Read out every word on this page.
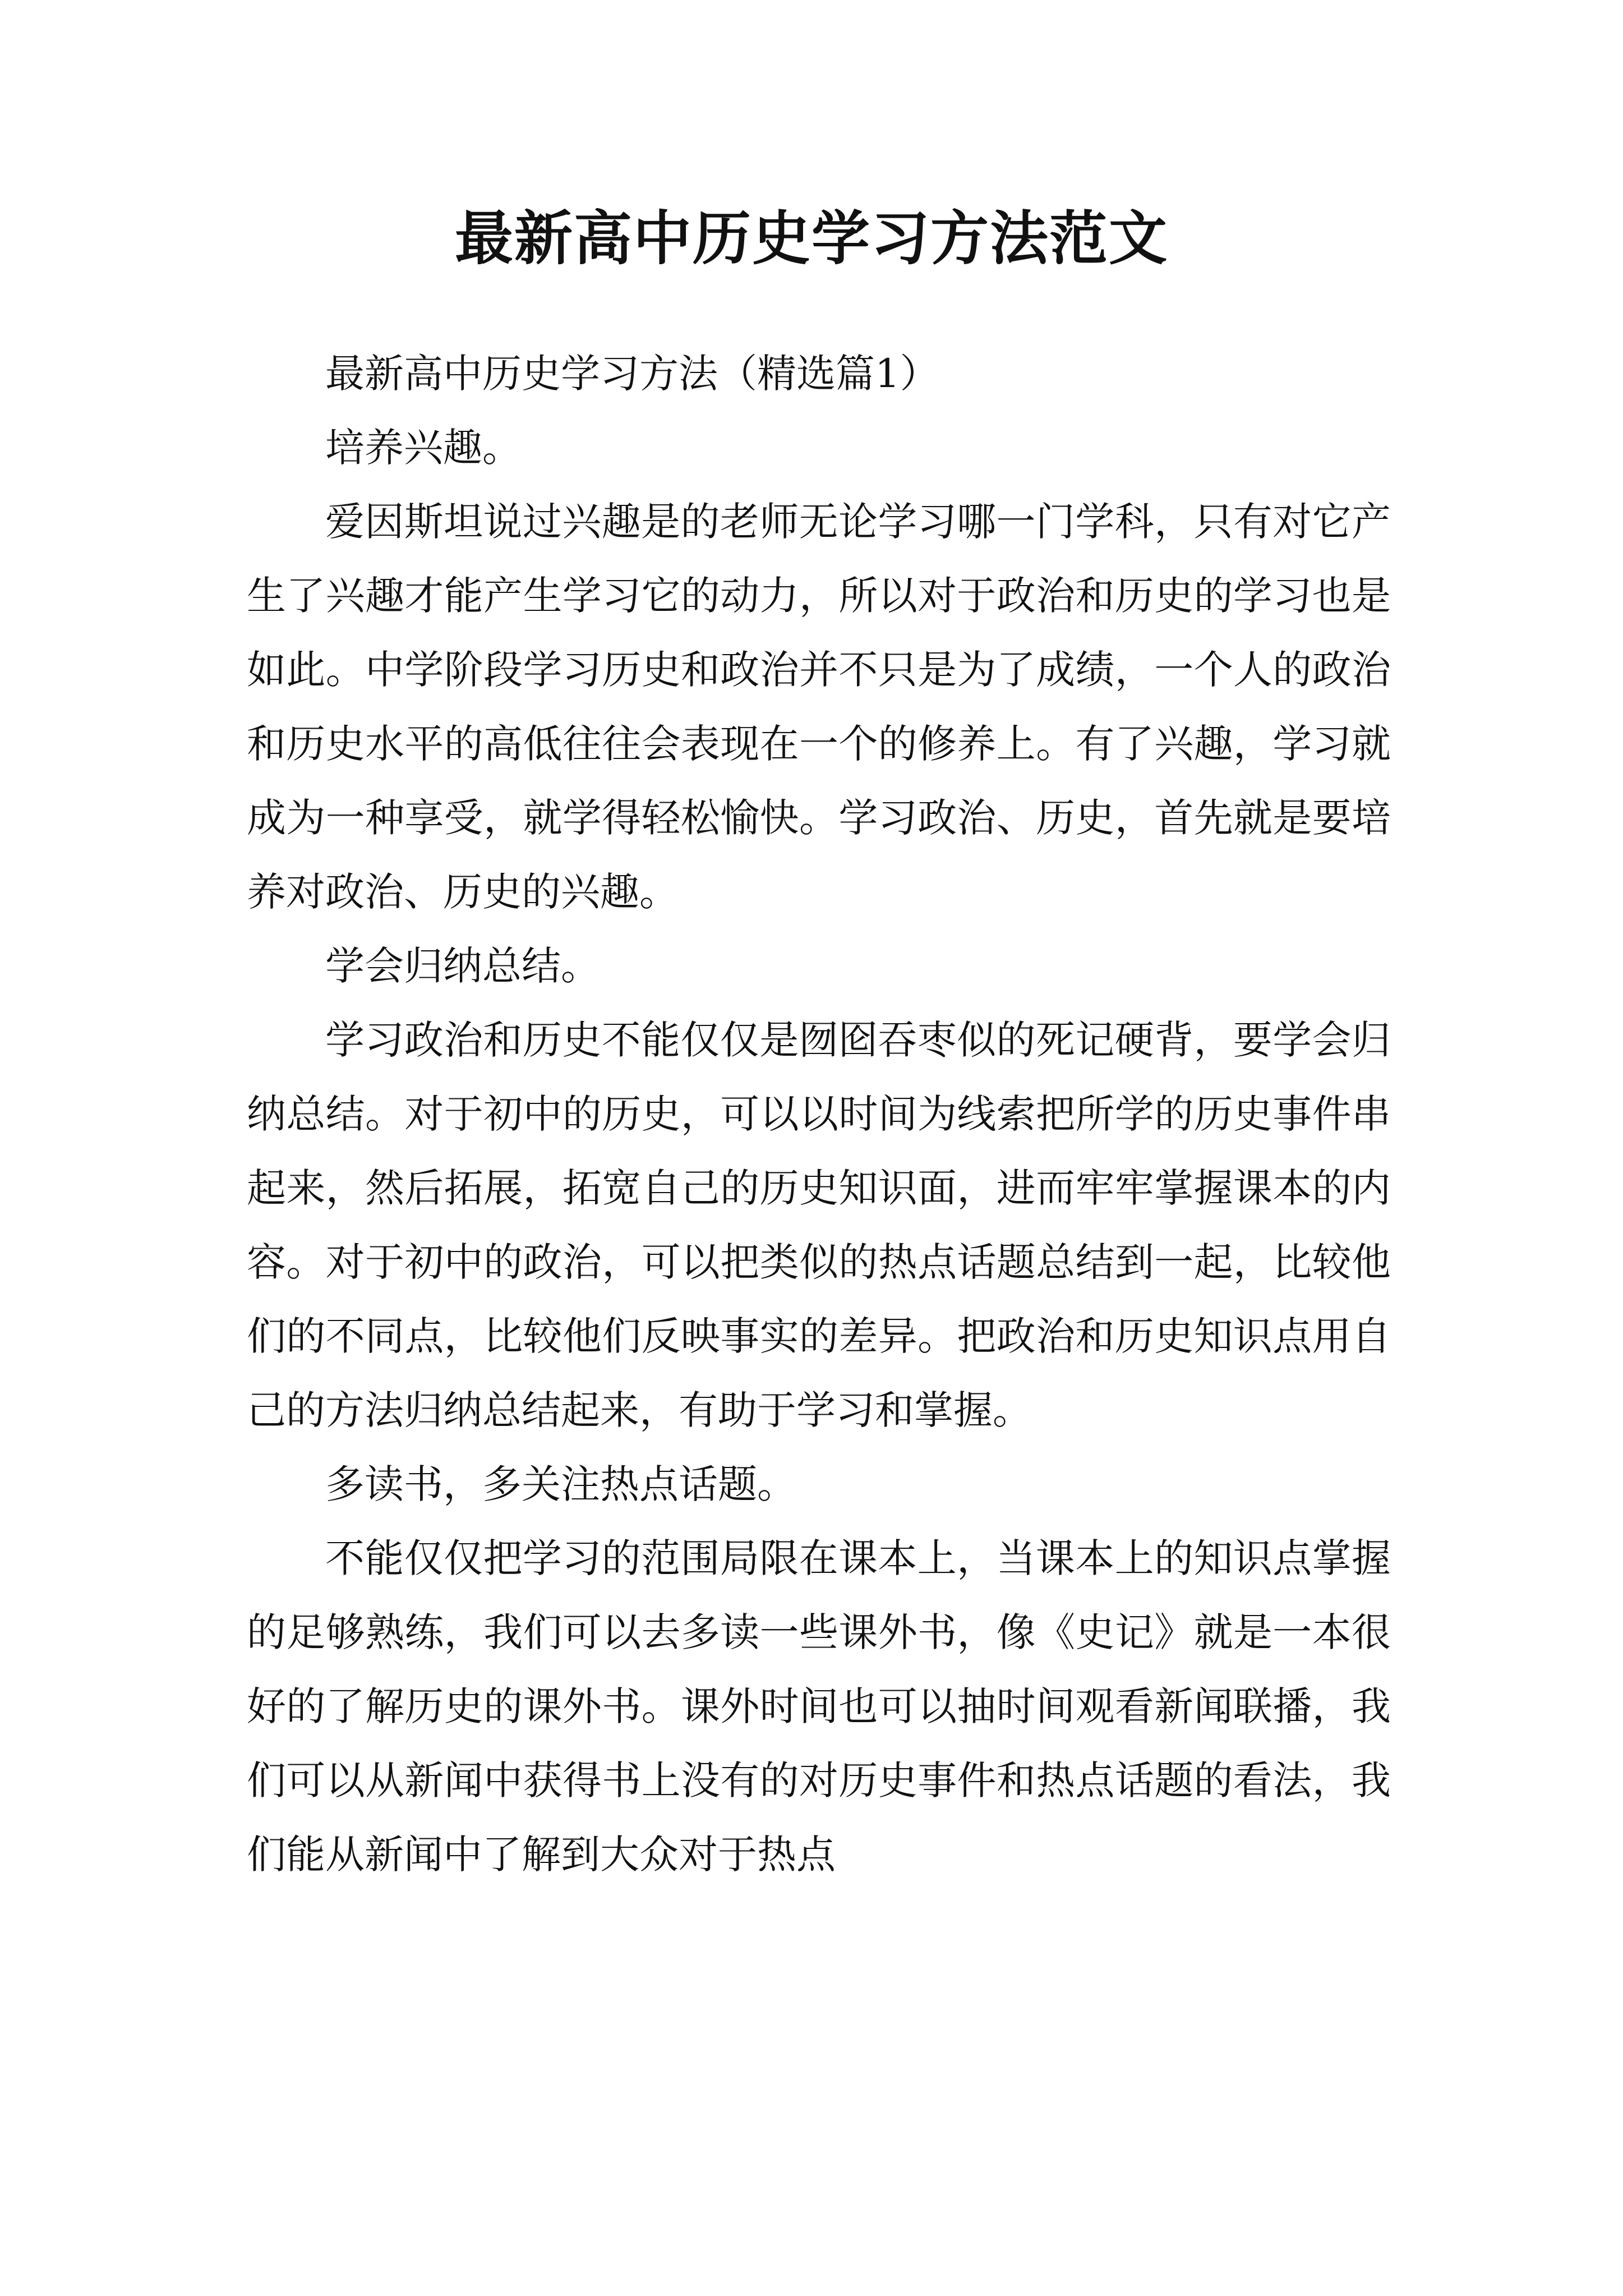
最新高中历史学习方法范文

最新高中历史学习方法（精选篇1）

培养兴趣。

爱因斯坦说过兴趣是的老师无论学习哪一门学科，只有对它产生了兴趣才能产生学习它的动力，所以对于政治和历史的学习也是如此。中学阶段学习历史和政治并不只是为了成绩，一个人的政治和历史水平的高低往往会表现在一个的修养上。有了兴趣，学习就成为一种享受，就学得轻松愉快。学习政治、历史，首先就是要培养对政治、历史的兴趣。

学会归纳总结。

学习政治和历史不能仅仅是囫囵吞枣似的死记硬背，要学会归纳总结。对于初中的历史，可以以时间为线索把所学的历史事件串起来，然后拓展，拓宽自己的历史知识面，进而牢牢掌握课本的内容。对于初中的政治，可以把类似的热点话题总结到一起，比较他们的不同点，比较他们反映事实的差异。把政治和历史知识点用自己的方法归纳总结起来，有助于学习和掌握。

多读书，多关注热点话题。

不能仅仅把学习的范围局限在课本上，当课本上的知识点掌握的足够熟练，我们可以去多读一些课外书，像《史记》就是一本很好的了解历史的课外书。课外时间也可以抽时间观看新闻联播，我们可以从新闻中获得书上没有的对历史事件和热点话题的看法，我们能从新闻中了解到大众对于热点
